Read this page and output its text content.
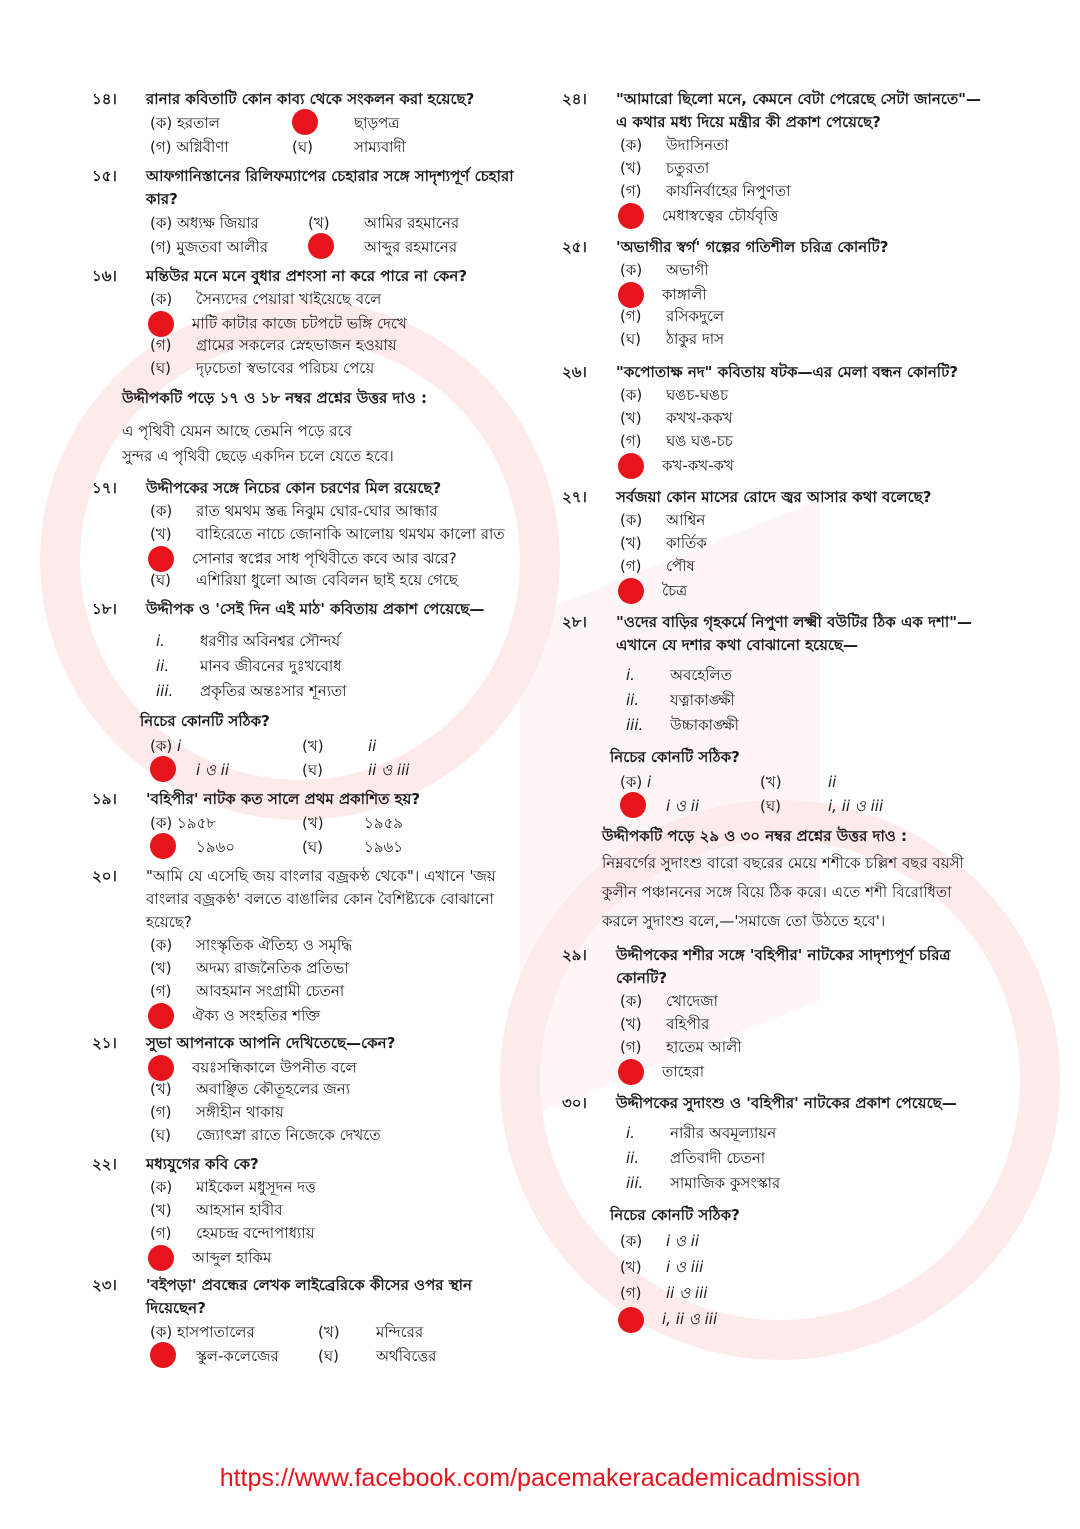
১৪। রানার কবিতাটি কোন কাব্য থেকে সংকলন করা হয়েছে?
(ক) হরতাল	ছাড়পত্র
(গ) অগ্নিবীণা	(ঘ)	সাম্যবাদী
১৫। আফগানিস্তানের রিলিফম্যাপের চেহারার সঙ্গে সাদৃশ্যপূর্ণ চেহারা কার?
(ক) অধ্যক্ষ জিয়ার	(খ) আমির রহমানের
(গ) মুজতবা আলীর	আব্দুর রহমানের
১৬। মন্তিউর মনে মনে বুধার প্রশংসা না করে পারে না কেন?
(ক) সৈন্যদের পেয়ারা খাইয়েছে বলে
মাটি কাটার কাজে চটপটে ভঙ্গি দেখে
(গ) গ্রামের সকলের স্নেহভাজন হওয়ায়
(ঘ) দৃঢ়চেতা স্বভাবের পরিচয় পেয়ে
উদ্দীপকটি পড়ে ১৭ ও ১৮ নম্বর প্রশ্নের উত্তর দাও :
এ পৃথিবী যেমন আছে তেমনি পড়ে রবে
সুন্দর এ পৃথিবী ছেড়ে একদিন চলে যেতে হবে।
১৭। উদ্দীপকের সঙ্গে নিচের কোন চরণের মিল রয়েছে?
(ক) রাত থমথম স্তব্ধ নিঝুম ঘোর-ঘোর আন্ধার
(খ) বাহিরেতে নাচে জোনাকি আলোয় থমথম কালো রাত
সোনার স্বপ্নের সাধ পৃথিবীতে কবে আর ঝরে?
(ঘ) এশিরিয়া ধুলো আজ বেবিলন ছাই হয়ে গেছে
১৮। উদ্দীপক ও 'সেই দিন এই মাঠ' কবিতায় প্রকাশ পেয়েছে—
i. ধরণীর অবিনশ্বর সৌন্দর্য
ii. মানব জীবনের দুঃখবোধ
iii. প্রকৃতির অন্তঃসার শূন্যতা
নিচের কোনটি সঠিক?
(ক) i	(খ)	ii
i ও ii	(ঘ)	ii ও iii
১৯। 'বহিপীর' নাটক কত সালে প্রথম প্রকাশিত হয়?
(ক) ১৯৫৮	(খ)	১৯৫৯
১৯৬০	(ঘ)	১৯৬১
২০। "আমি যে এসেছি জয় বাংলার বজ্রকণ্ঠ থেকে"। এখানে 'জয় বাংলার বজ্রকণ্ঠ' বলতে বাঙালির কোন বৈশিষ্ট্যকে বোঝানো হয়েছে?
(ক) সাংস্কৃতিক ঐতিহ্য ও সমৃদ্ধি
(খ) অদম্য রাজনৈতিক প্রতিভা
(গ) আবহমান সংগ্রামী চেতনা
ঐক্য ও সংহতির শক্তি
২১। সুভা আপনাকে আপনি দেখিতেছে—কেন?
বয়ঃসন্ধিকালে উপনীত বলে
(খ) অবাঞ্ছিত কৌতূহলের জন্য
(গ) সঙ্গীহীন থাকায়
(ঘ) জ্যোৎস্না রাতে নিজেকে দেখতে
২২। মধ্যযুগের কবি কে?
(ক) মাইকেল মধুসূদন দত্ত
(খ) আহসান হাবীব
(গ) হেমচন্দ্র বন্দোপাধ্যায়
আব্দুল হাকিম
২৩। 'বইপড়া' প্রবন্ধের লেখক লাইব্রেরিকে কীসের ওপর স্থান দিয়েছেন?
(ক) হাসপাতালের	(খ) মন্দিরের
স্কুল-কলেজের	(ঘ) অর্থবিত্তের
২৪। "আমারো ছিলো মনে, কেমনে বেটা পেরেছে সেটা জানতে"—এ কথার মধ্য দিয়ে মন্ত্রীর কী প্রকাশ পেয়েছে?
(ক) উদাসিনতা
(খ) চতুরতা
(গ) কার্যনির্বাহের নিপুণতা
মেধাস্বত্বের চৌর্যবৃত্তি
২৫। 'অভাগীর স্বর্গ' গল্পের গতিশীল চরিত্র কোনটি?
(ক) অভাগী
কাঙ্গালী
(গ) রসিকদুলে
(ঘ) ঠাকুর দাস
২৬। "কপোতাক্ষ নদ" কবিতায় ষটক—এর মেলা বন্ধন কোনটি?
(ক) ঘঙচ-ঘঙচ
(খ) কখখ-ককখ
(গ) ঘঙ ঘঙ-চচ
কখ-কখ-কখ
২৭। সর্বজয়া কোন মাসের রোদে জ্বর আসার কথা বলেছে?
(ক) আশ্বিন
(খ) কার্তিক
(গ) পৌষ
চৈত্র
২৮। "ওদের বাড়ির গৃহকর্মে নিপুণা লক্ষ্মী বউটির ঠিক এক দশা"—এখানে যে দশার কথা বোঝানো হয়েছে—
i. অবহেলিত
ii. যত্নাকাঙ্ক্ষী
iii. উচ্চাকাঙ্ক্ষী
নিচের কোনটি সঠিক?
(ক) i	(খ)	ii
i ও ii	(ঘ)	i, ii ও iii
উদ্দীপকটি পড়ে ২৯ ও ৩০ নম্বর প্রশ্নের উত্তর দাও :
নিম্নবর্গের সুদাংশু বারো বছরের মেয়ে শশীকে চল্লিশ বছর বয়সী কুলীন পঞ্চাননের সঙ্গে বিয়ে ঠিক করে। এতে শশী বিরোধিতা করলে সুদাংশু বলে,—'সমাজে তো উঠতে হবে'।
২৯। উদ্দীপকের শশীর সঙ্গে 'বহিপীর' নাটকের সাদৃশ্যপূর্ণ চরিত্র কোনটি?
(ক) খোদেজা
(খ) বহিপীর
(গ) হাতেম আলী
তাহেরা
৩০। উদ্দীপকের সুদাংশু ও 'বহিপীর' নাটকের প্রকাশ পেয়েছে—
i. নারীর অবমূল্যায়ন
ii. প্রতিবাদী চেতনা
iii. সামাজিক কুসংস্কার
নিচের কোনটি সঠিক?
(ক) i ও ii
(খ) i ও iii
(গ) ii ও iii
i, ii ও iii
https://www.facebook.com/pacemakeracademicadmission
